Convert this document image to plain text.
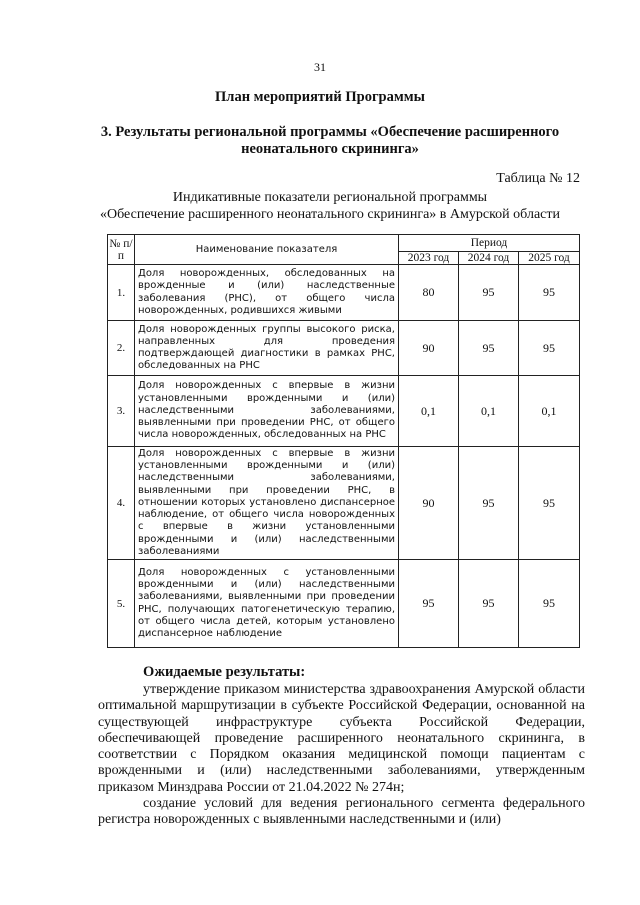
31
План мероприятий Программы
3. Результаты региональной программы «Обеспечение расширенного неонатального скрининга»
Таблица № 12
Индикативные показатели региональной программы
«Обеспечение расширенного неонатального скрининга» в Амурской области
№ п/п	Наименование показателя	Период		
		2023 год	2024 год	2025 год
1.	Доля новорожденных, обследованных на врожденные и (или) наследственные заболевания (РНС), от общего числа новорожденных, родившихся живыми	80	95	95
2.	Доля новорожденных группы высокого риска, направленных для проведения подтверждающей диагностики в рамках РНС, обследованных на РНС	90	95	95
3.	Доля новорожденных с впервые в жизни установленными врожденными и (или) наследственными заболеваниями, выявленными при проведении РНС, от общего числа новорожденных, обследованных на РНС	0,1	0,1	0,1
4.	Доля новорожденных с впервые в жизни установленными врожденными и (или) наследственными заболеваниями, выявленными при проведении РНС, в отношении которых установлено диспансерное наблюдение, от общего числа новорожденных с впервые в жизни установленными врожденными и (или) наследственными заболеваниями	90	95	95
5.	Доля новорожденных с установленными врожденными и (или) наследственными заболеваниями, выявленными при проведении РНС, получающих патогенетическую терапию, от общего числа детей, которым установлено диспансерное наблюдение	95	95	95
Ожидаемые результаты:
утверждение приказом министерства здравоохранения Амурской области оптимальной маршрутизации в субъекте Российской Федерации, основанной на существующей инфраструктуре субъекта Российской Федерации, обеспечивающей проведение расширенного неонатального скрининга, в соответствии с Порядком оказания медицинской помощи пациентам с врожденными и (или) наследственными заболеваниями, утвержденным приказом Минздрава России от 21.04.2022 № 274н;
создание условий для ведения регионального сегмента федерального регистра новорожденных с выявленными наследственными и (или)
